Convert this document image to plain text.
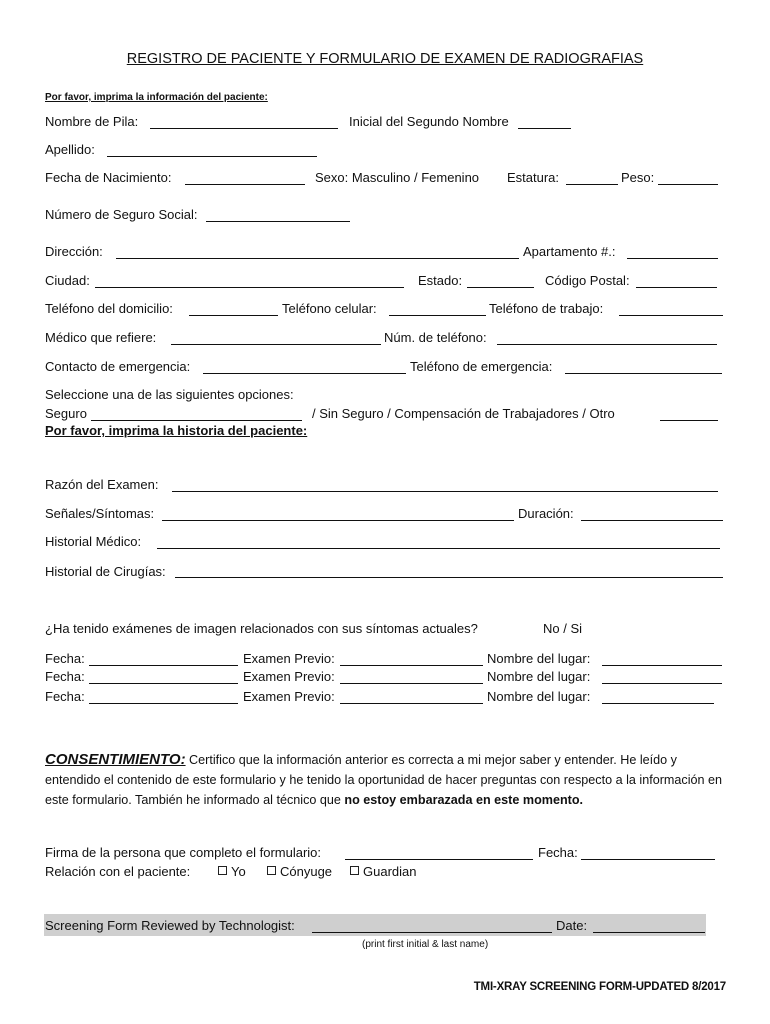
REGISTRO DE PACIENTE Y FORMULARIO DE EXAMEN DE RADIOGRAFIAS
Por favor, imprima la información del paciente:
Nombre de Pila:	Inicial del Segundo Nombre
Apellido:
Fecha de Nacimiento:	Sexo: Masculino / Femenino Estatura:	Peso:
Número de Seguro Social:
Dirección:	Apartamento #.:
Ciudad:	Estado:	Código Postal:
Teléfono del domicilio:	Teléfono celular:	Teléfono de trabajo:
Médico que refiere:	Núm. de teléfono:
Contacto de emergencia:	Teléfono de emergencia:
Seleccione una de las siguientes opciones:
Seguro	/ Sin Seguro / Compensación de Trabajadores / Otro
Por favor, imprima la historia del paciente:
Razón del Examen:
Señales/Síntomas:	Duración:
Historial Médico:
Historial de Cirugías:
¿Ha tenido exámenes de imagen relacionados con sus síntomas actuales?	No / Si
Fecha:	Examen Previo:	Nombre del lugar:
Fecha:	Examen Previo:	Nombre del lugar:
Fecha:	Examen Previo:	Nombre del lugar:
CONSENTIMIENTO: Certifico que la información anterior es correcta a mi mejor saber y entender. He leído y entendido el contenido de este formulario y he tenido la oportunidad de hacer preguntas con respecto a la información en este formulario. También he informado al técnico que no estoy embarazada en este momento.
Firma de la persona que completo el formulario:	Fecha:
Relación con el paciente:	Yo	Cónyuge	Guardian
Screening Form Reviewed by Technologist:	Date:
(print first initial & last name)
TMI-XRAY SCREENING FORM-UPDATED 8/2017
